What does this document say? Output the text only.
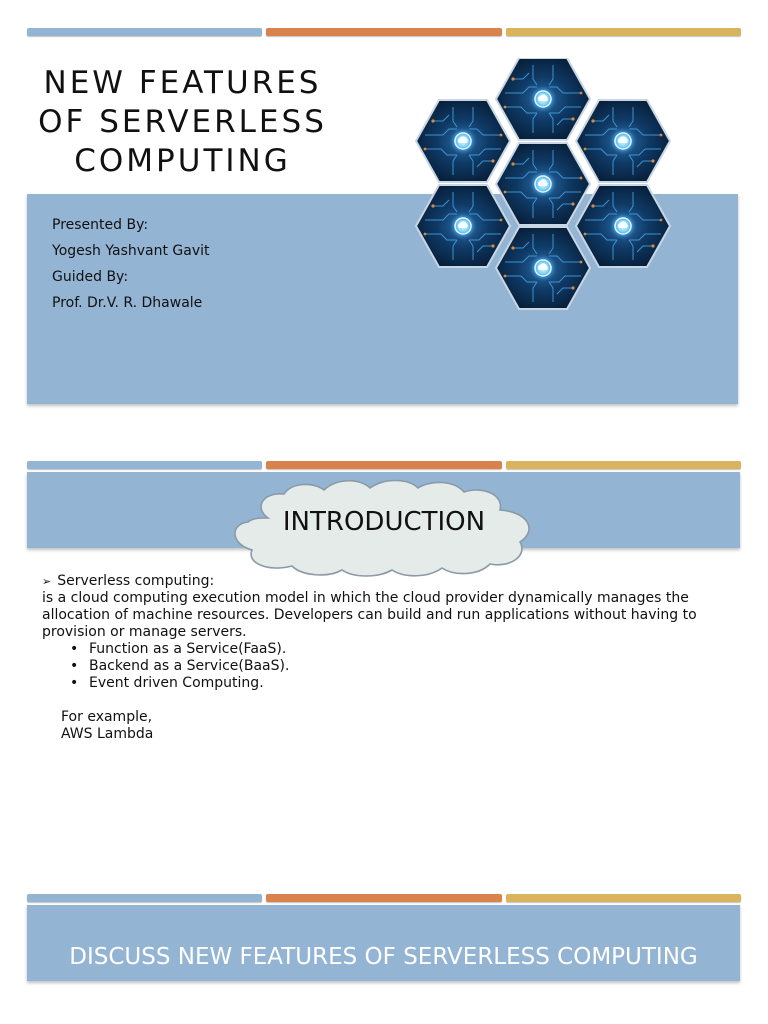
NEW FEATURES OF SERVERLESS COMPUTING
Presented By:
Yogesh Yashvant Gavit
Guided By:
Prof. Dr.V. R. Dhawale
INTRODUCTION
➢ Serverless computing:
is a cloud computing execution model in which the cloud provider dynamically manages the allocation of machine resources. Developers can build and run applications without having to provision or manage servers.
• Function as a Service(FaaS).
• Backend as a Service(BaaS).
• Event driven Computing.
For example,
AWS Lambda
DISCUSS NEW FEATURES OF SERVERLESS COMPUTING
